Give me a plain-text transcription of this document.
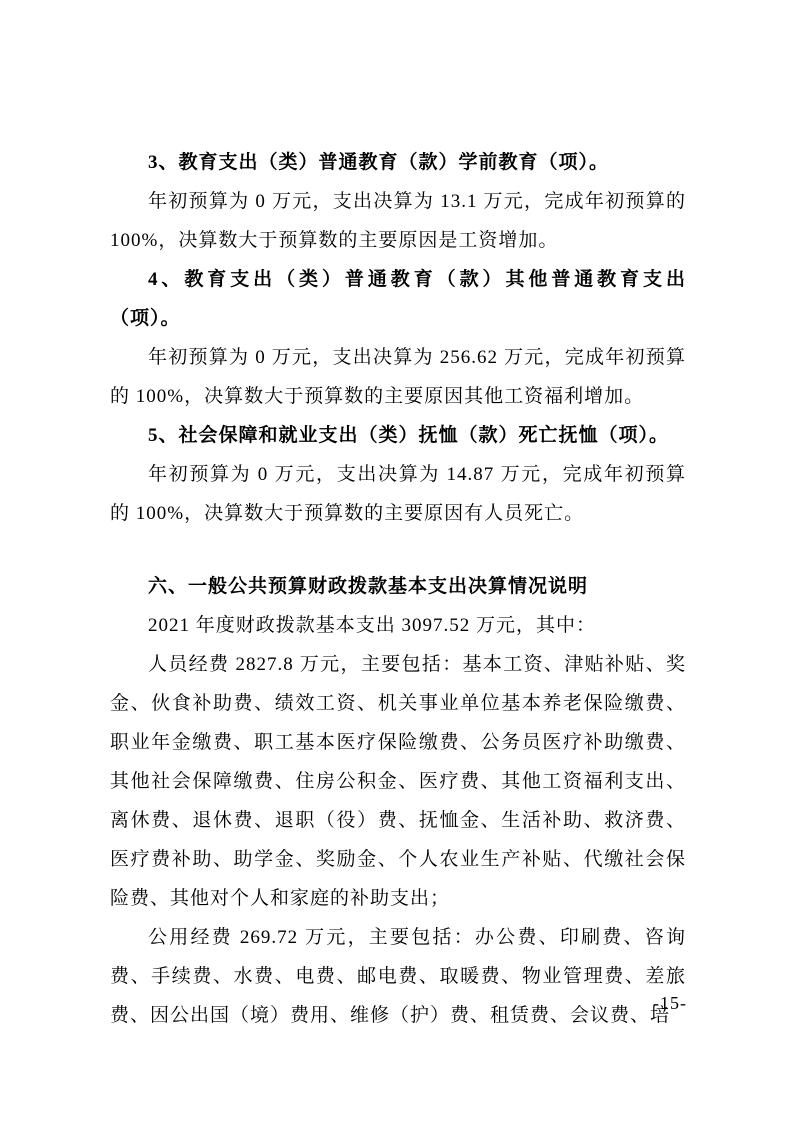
3、教育支出（类）普通教育（款）学前教育（项）。

年初预算为 0 万元，支出决算为 13.1 万元，完成年初预算的 100%，决算数大于预算数的主要原因是工资增加。

4、教育支出（类）普通教育（款）其他普通教育支出（项）。

年初预算为 0 万元，支出决算为 256.62 万元，完成年初预算的 100%，决算数大于预算数的主要原因其他工资福利增加。

5、社会保障和就业支出（类）抚恤（款）死亡抚恤（项）。

年初预算为 0 万元，支出决算为 14.87 万元，完成年初预算的 100%，决算数大于预算数的主要原因有人员死亡。

六、一般公共预算财政拨款基本支出决算情况说明

2021 年度财政拨款基本支出 3097.52 万元，其中：

人员经费 2827.8 万元，主要包括：基本工资、津贴补贴、奖金、伙食补助费、绩效工资、机关事业单位基本养老保险缴费、职业年金缴费、职工基本医疗保险缴费、公务员医疗补助缴费、其他社会保障缴费、住房公积金、医疗费、其他工资福利支出、离休费、退休费、退职（役）费、抚恤金、生活补助、救济费、医疗费补助、助学金、奖励金、个人农业生产补贴、代缴社会保险费、其他对个人和家庭的补助支出；

公用经费 269.72 万元，主要包括：办公费、印刷费、咨询费、手续费、水费、电费、邮电费、取暖费、物业管理费、差旅费、因公出国（境）费用、维修（护）费、租赁费、会议费、培

-15-
